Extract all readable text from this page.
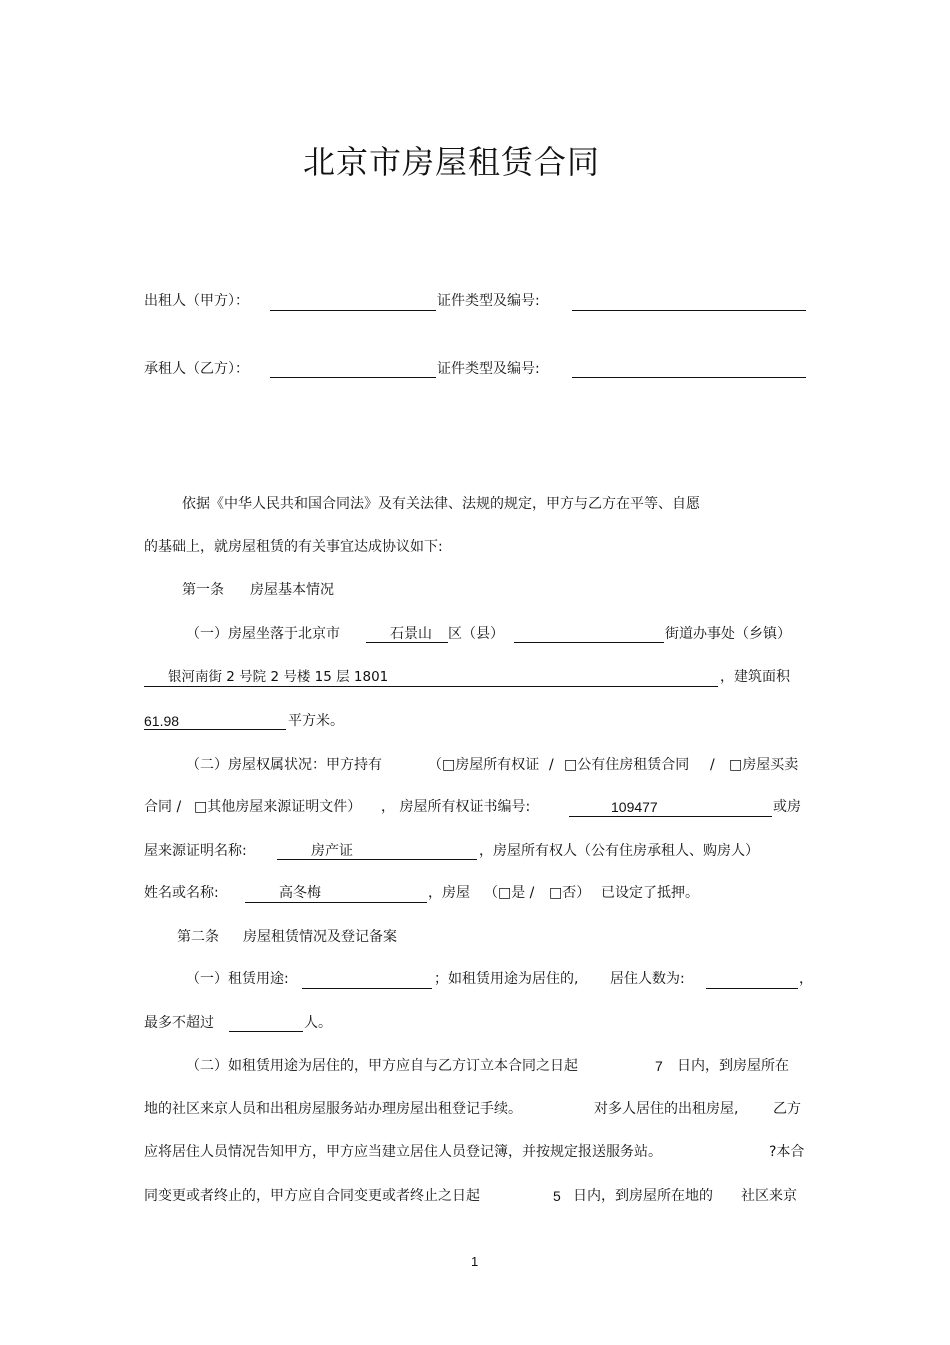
北京市房屋租赁合同
出租人（甲方）：	证件类型及编号:
承租人（乙方）：	证件类型及编号:
依据《中华人民共和国合同法》及有关法律、法规的规定，甲方与乙方在平等、自愿
的基础上，就房屋租赁的有关事宜达成协议如下:
第一条 房屋基本情况
（一）房屋坐落于北京市	石景山 区（县）	街道办事处（乡镇）
银河南街 2 号院 2 号楼 15 层 1801	，建筑面积
61.98	平方米。
（二）房屋权属状况：甲方持有	（□房屋所有权证 / □公有住房租赁合同 / □房屋买卖
合同 / □其他房屋来源证明文件） ， 房屋所有权证书编号:	109477	或房
屋来源证明名称:	房产证	，房屋所有权人（公有住房承租人、购房人）
姓名或名称:	高冬梅	，房屋 （□是 / □否） 已设定了抵押。
第二条 房屋租赁情况及登记备案
（一）租赁用途:	；如租赁用途为居住的, 居住人数为:	，
最多不超过	人。
（二）如租赁用途为居住的，甲方应自与乙方订立本合同之日起	7 日内，到房屋所在
地的社区来京人员和出租房屋服务站办理房屋出租登记手续。	对多人居住的出租房屋, 乙方
应将居住人员情况告知甲方，甲方应当建立居住人员登记簿，并按规定报送服务站。	?本合
同变更或者终止的，甲方应自合同变更或者终止之日起	5 日内，到房屋所在地的 社区来京
1
